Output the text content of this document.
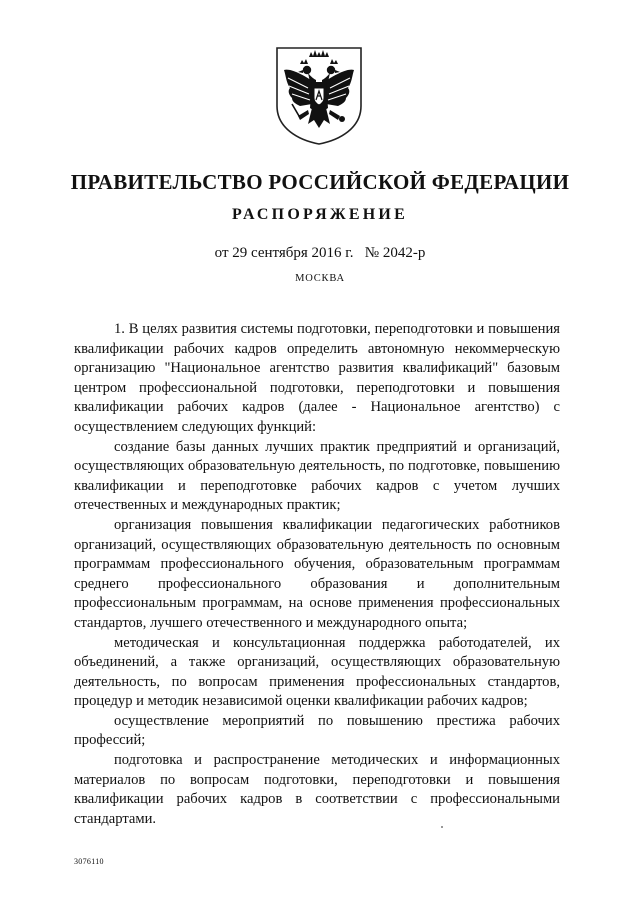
ПРАВИТЕЛЬСТВО РОССИЙСКОЙ ФЕДЕРАЦИИ
РАСПОРЯЖЕНИЕ
от 29 сентября 2016 г. № 2042-р
МОСКВА

1. В целях развития системы подготовки, переподготовки и повышения квалификации рабочих кадров определить автономную некоммерческую организацию "Национальное агентство развития квалификаций" базовым центром профессиональной подготовки, переподготовки и повышения квалификации рабочих кадров (далее - Национальное агентство) с осуществлением следующих функций:

создание базы данных лучших практик предприятий и организаций, осуществляющих образовательную деятельность, по подготовке, повышению квалификации и переподготовке рабочих кадров с учетом лучших отечественных и международных практик;

организация повышения квалификации педагогических работников организаций, осуществляющих образовательную деятельность по основным программам профессионального обучения, образовательным программам среднего профессионального образования и дополнительным профессиональным программам, на основе применения профессиональных стандартов, лучшего отечественного и международного опыта;

методическая и консультационная поддержка работодателей, их объединений, а также организаций, осуществляющих образовательную деятельность, по вопросам применения профессиональных стандартов, процедур и методик независимой оценки квалификации рабочих кадров;

осуществление мероприятий по повышению престижа рабочих профессий;

подготовка и распространение методических и информационных материалов по вопросам подготовки, переподготовки и повышения квалификации рабочих кадров в соответствии с профессиональными стандартами.

3076110
